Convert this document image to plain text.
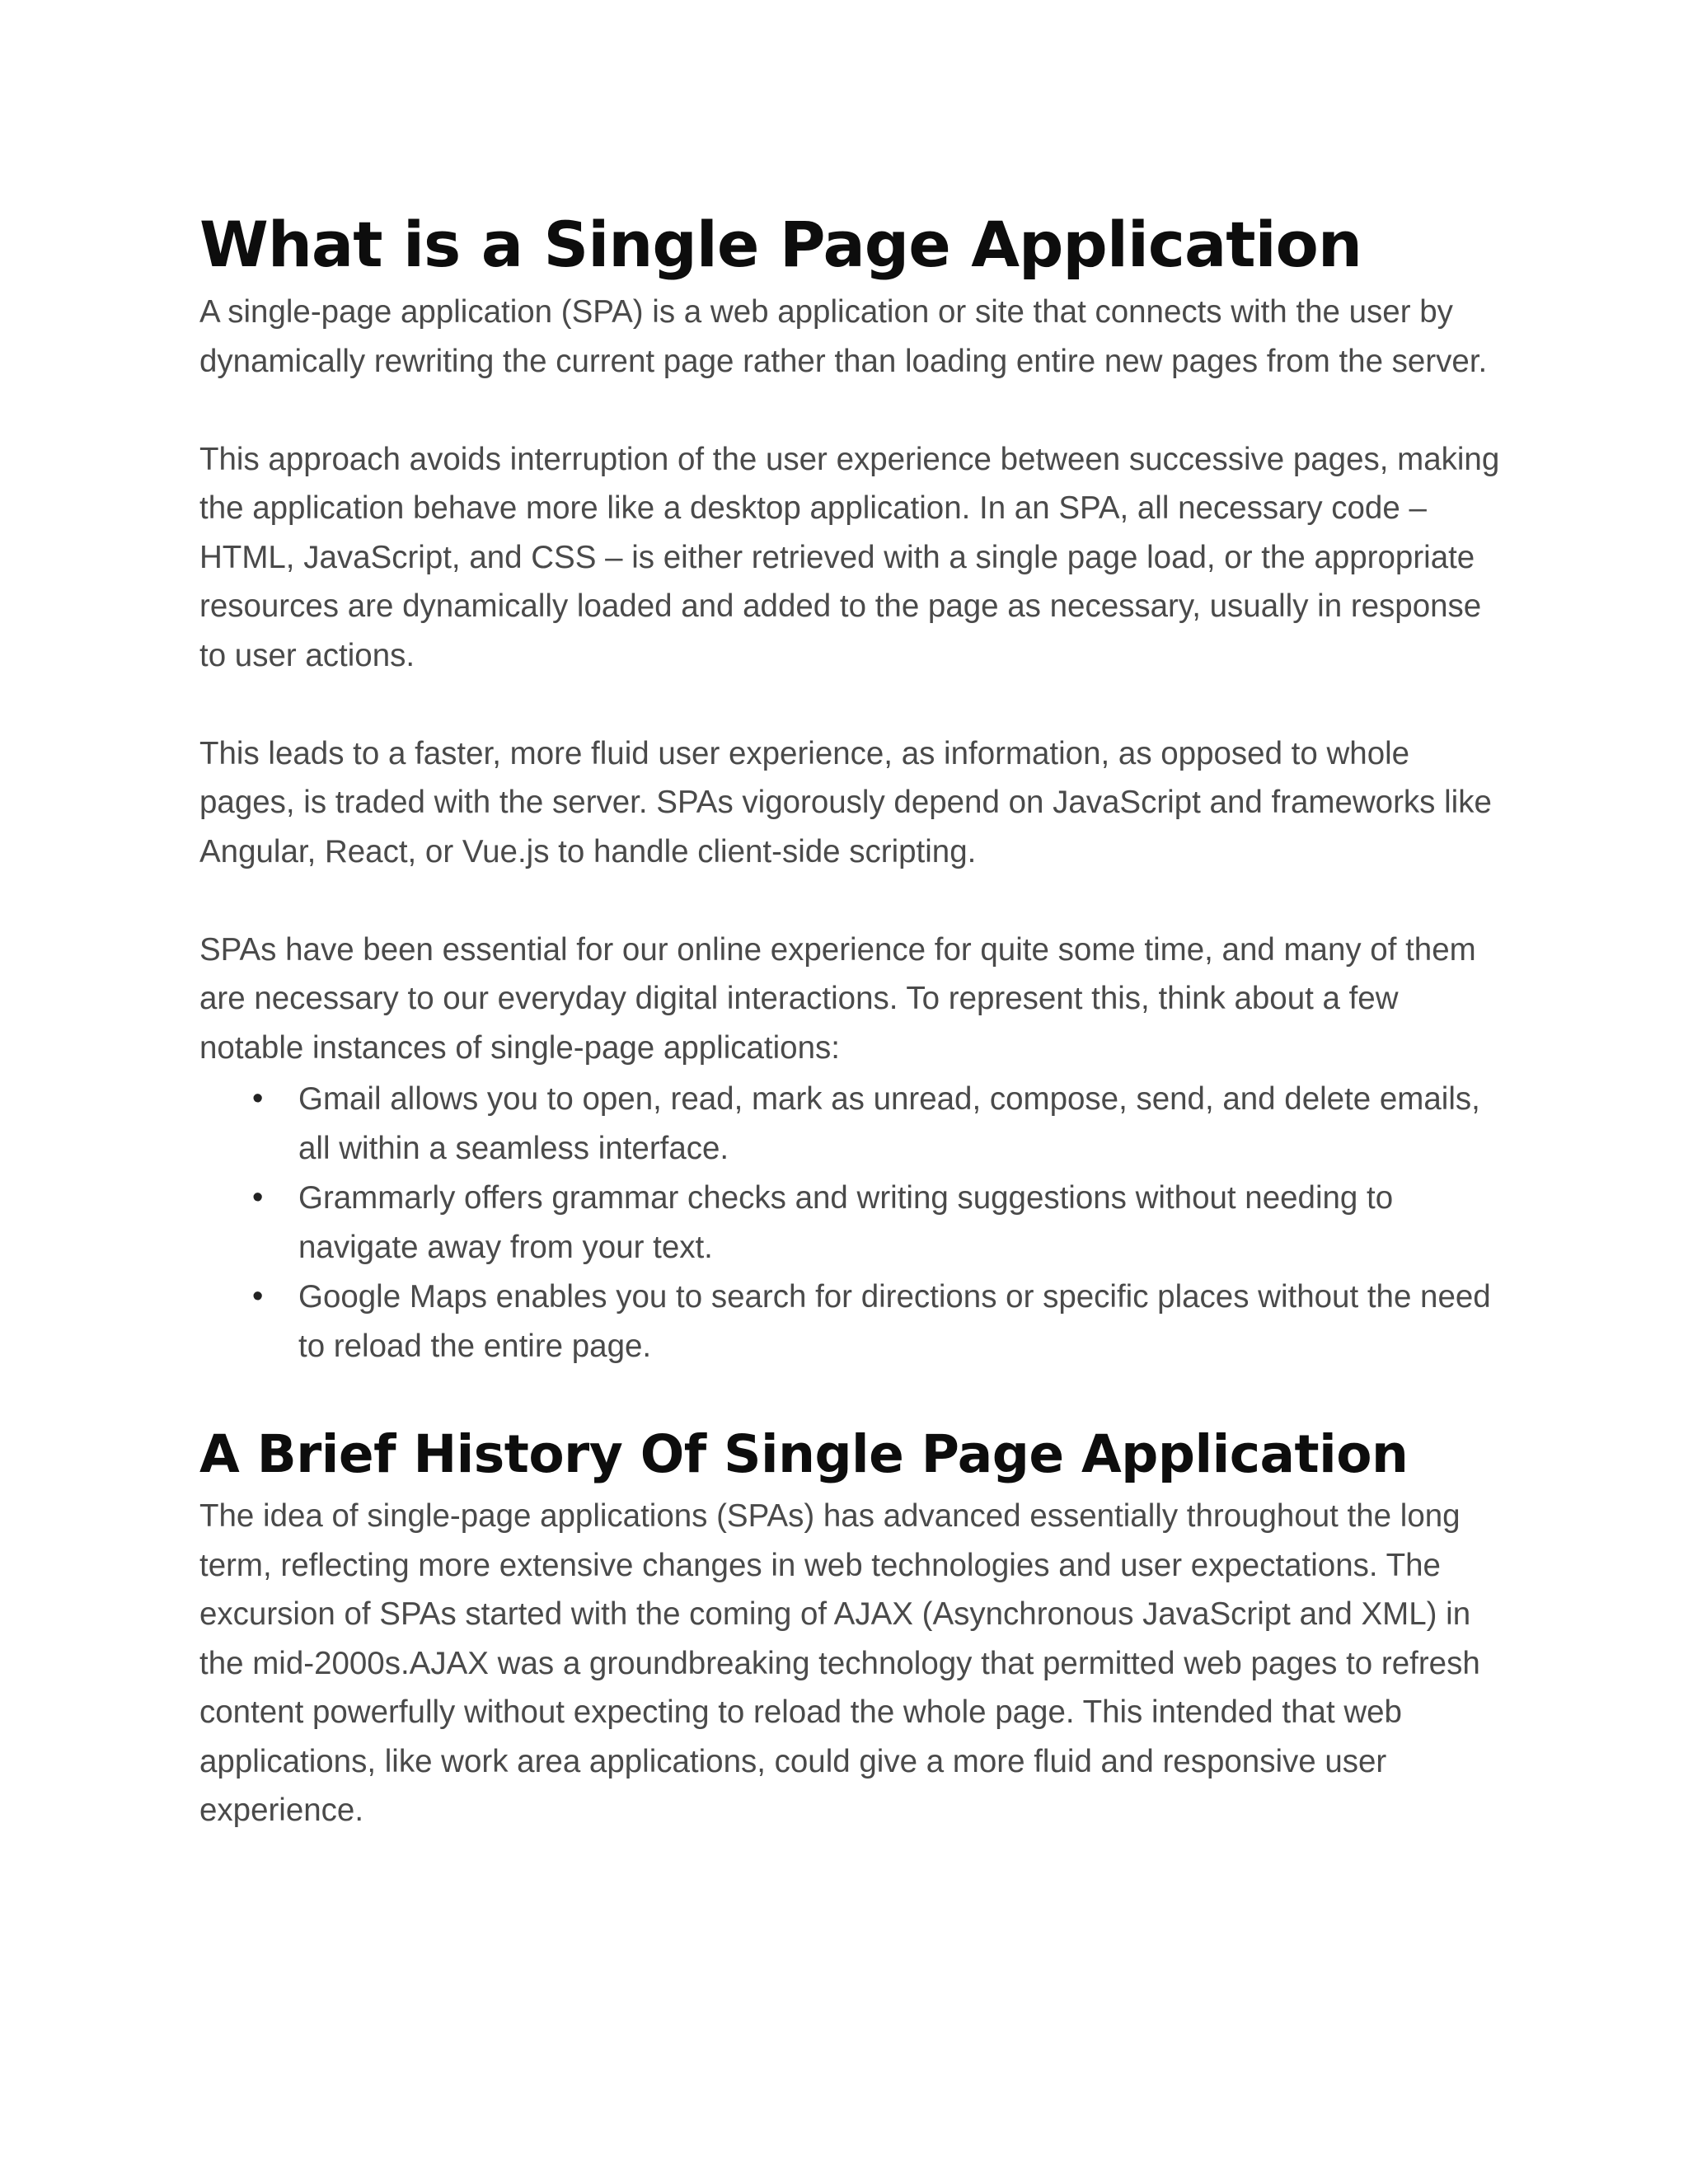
What is a Single Page Application

A single-page application (SPA) is a web application or site that connects with the user by dynamically rewriting the current page rather than loading entire new pages from the server.

This approach avoids interruption of the user experience between successive pages, making the application behave more like a desktop application. In an SPA, all necessary code – HTML, JavaScript, and CSS – is either retrieved with a single page load, or the appropriate resources are dynamically loaded and added to the page as necessary, usually in response to user actions.

This leads to a faster, more fluid user experience, as information, as opposed to whole pages, is traded with the server. SPAs vigorously depend on JavaScript and frameworks like Angular, React, or Vue.js to handle client-side scripting.

SPAs have been essential for our online experience for quite some time, and many of them are necessary to our everyday digital interactions. To represent this, think about a few notable instances of single-page applications:

• Gmail allows you to open, read, mark as unread, compose, send, and delete emails, all within a seamless interface.
• Grammarly offers grammar checks and writing suggestions without needing to navigate away from your text.
• Google Maps enables you to search for directions or specific places without the need to reload the entire page.
A Brief History Of Single Page Application

The idea of single-page applications (SPAs) has advanced essentially throughout the long term, reflecting more extensive changes in web technologies and user expectations. The excursion of SPAs started with the coming of AJAX (Asynchronous JavaScript and XML) in the mid-2000s.AJAX was a groundbreaking technology that permitted web pages to refresh content powerfully without expecting to reload the whole page. This intended that web applications, like work area applications, could give a more fluid and responsive user experience.
